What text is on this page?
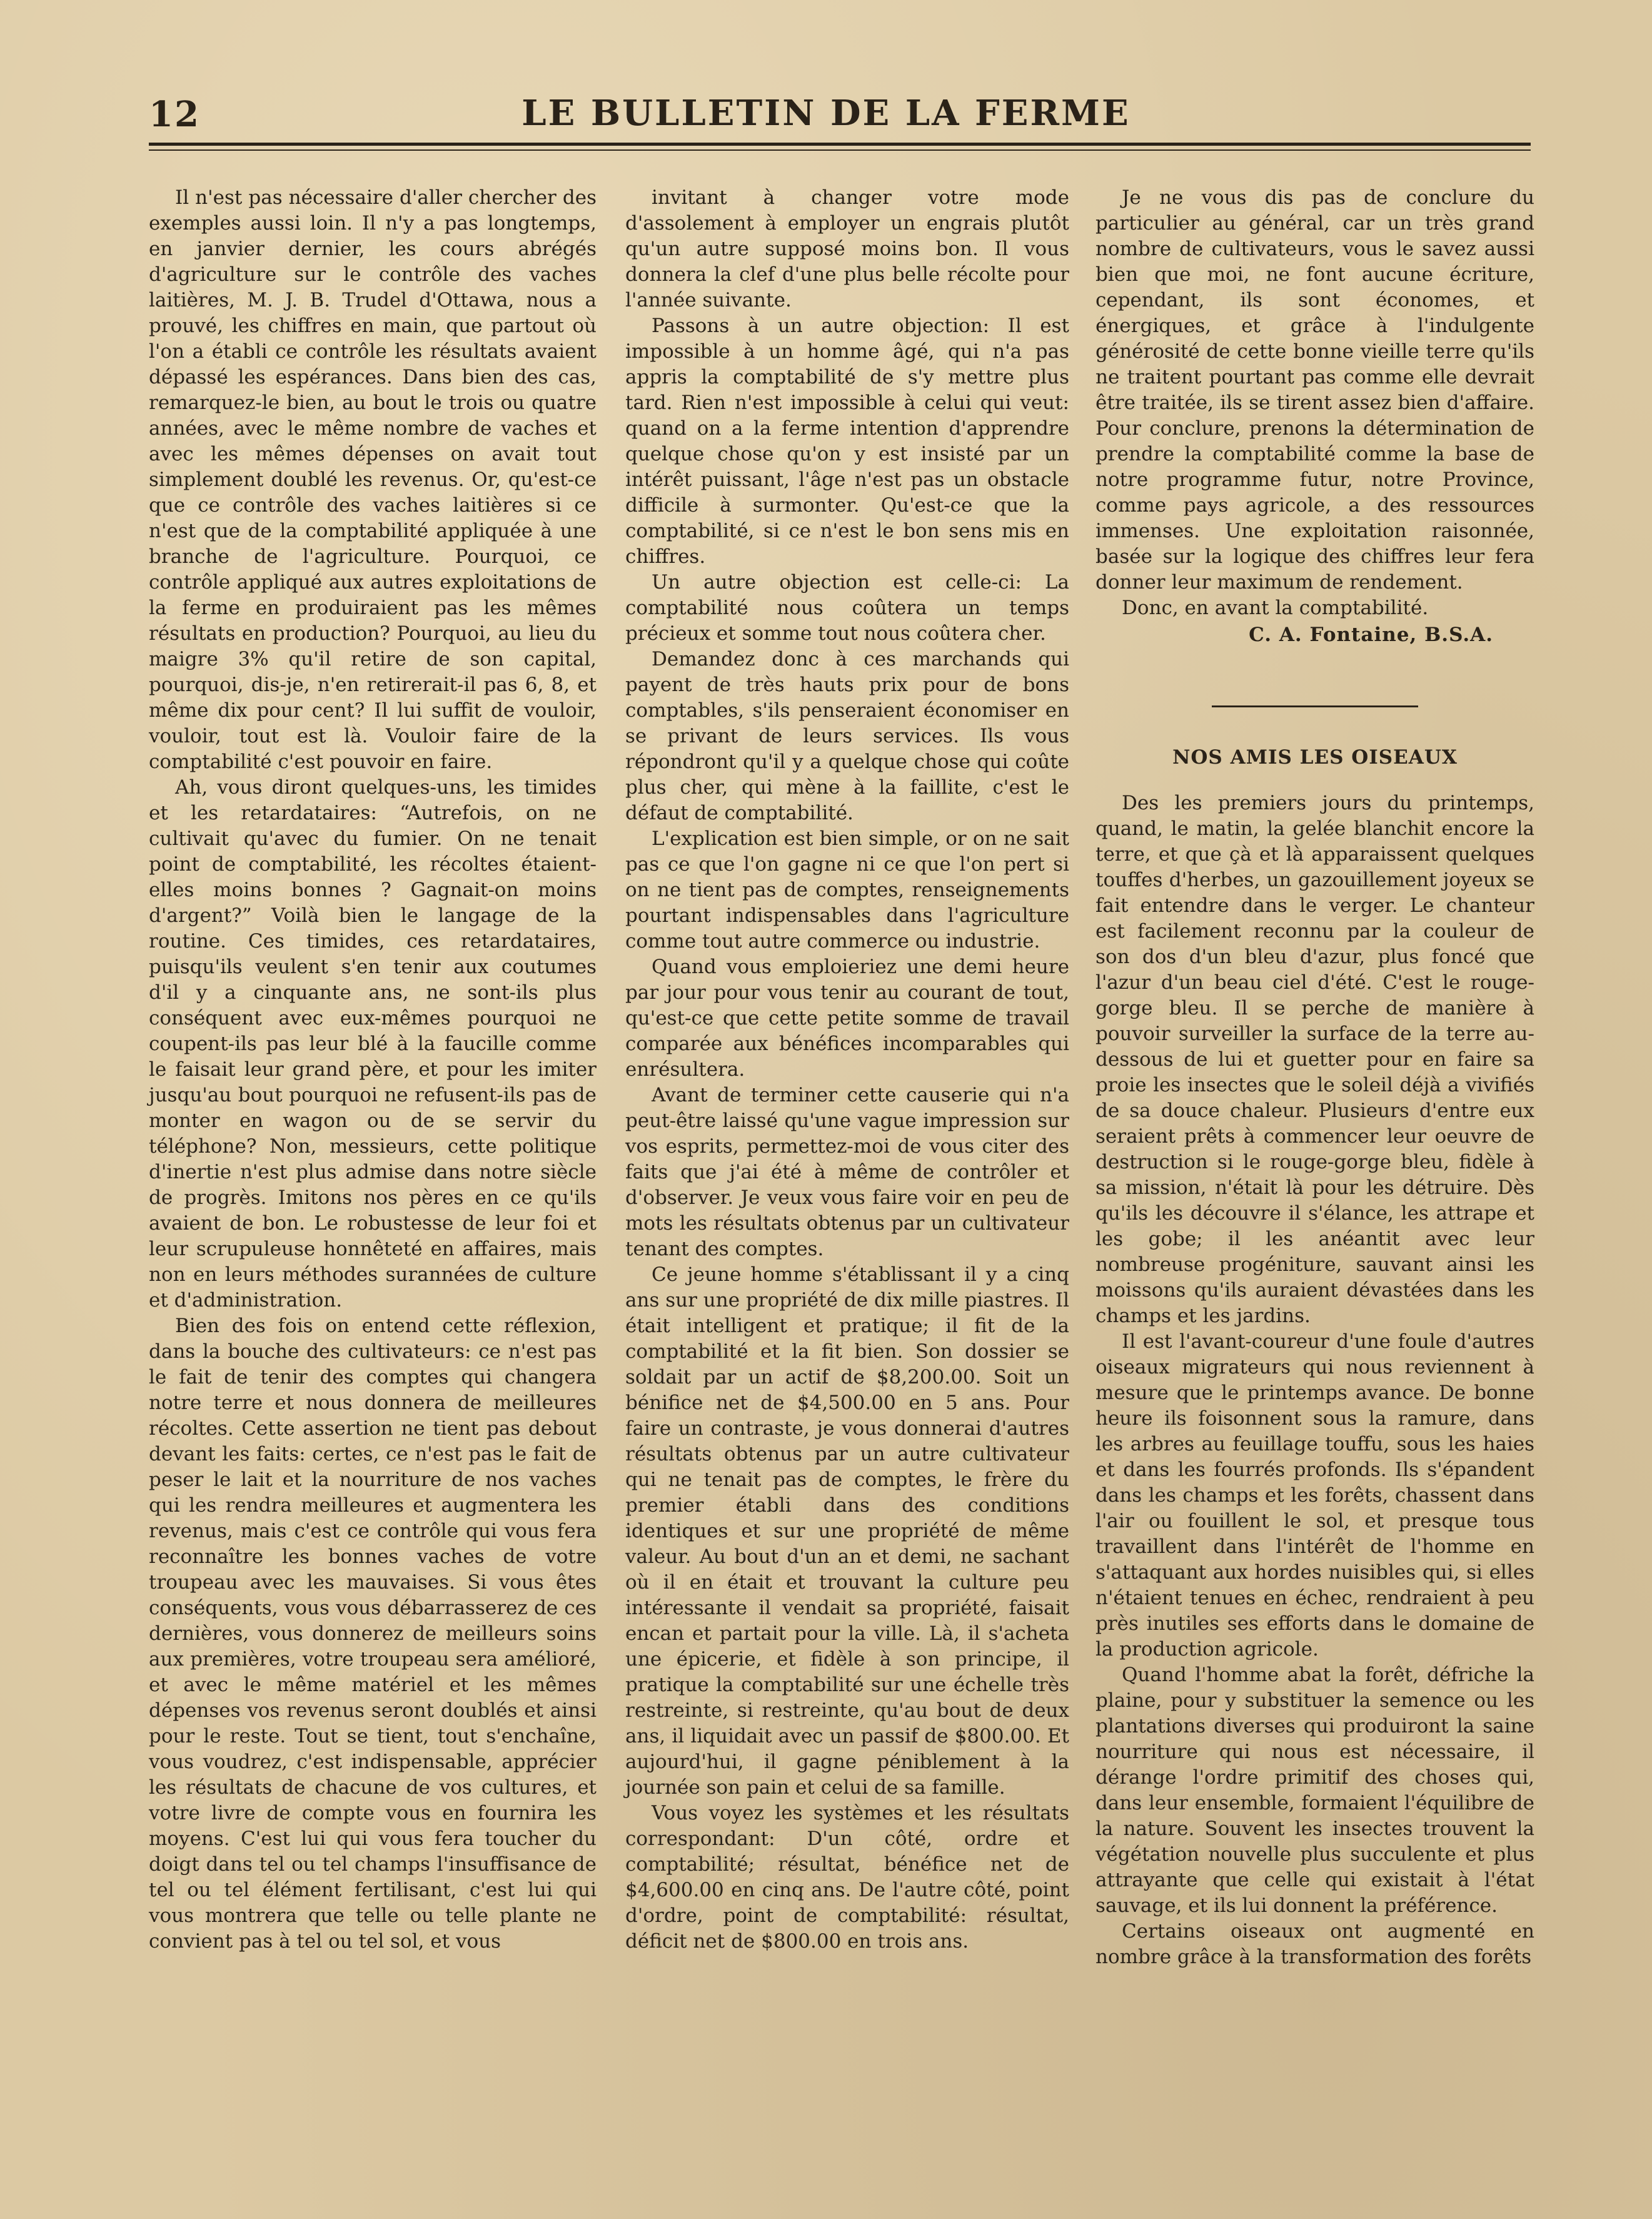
12	LE BULLETIN DE LA FERME

Il n'est pas nécessaire d'aller chercher des exemples aussi loin. Il n'y a pas longtemps, en janvier dernier, les cours abrégés d'agriculture sur le contrôle des vaches laitières, M. J. B. Trudel d'Ottawa, nous a prouvé, les chiffres en main, que partout où l'on a établi ce contrôle les résultats avaient dépassé les espérances. Dans bien des cas, remarquez-le bien, au bout le trois ou quatre années, avec le même nombre de vaches et avec les mêmes dépenses on avait tout simplement doublé les revenus. Or, qu'est-ce que ce contrôle des vaches laitières si ce n'est que de la comptabilité appliquée à une branche de l'agriculture. Pourquoi, ce contrôle appliqué aux autres exploitations de la ferme en produiraient pas les mêmes résultats en production? Pourquoi, au lieu du maigre 3% qu'il retire de son capital, pourquoi, dis-je, n'en retirerait-il pas 6, 8, et même dix pour cent? Il lui suffit de vouloir, vouloir, tout est là. Vouloir faire de la comptabilité c'est pouvoir en faire.

Ah, vous diront quelques-uns, les timides et les retardataires: “Autrefois, on ne cultivait qu'avec du fumier. On ne tenait point de comptabilité, les récoltes étaient-elles moins bonnes ? Gagnait-on moins d'argent?” Voilà bien le langage de la routine. Ces timides, ces retardataires, puisqu'ils veulent s'en tenir aux coutumes d'il y a cinquante ans, ne sont-ils plus conséquent avec eux-mêmes pourquoi ne coupent-ils pas leur blé à la faucille comme le faisait leur grand père, et pour les imiter jusqu'au bout pourquoi ne refusent-ils pas de monter en wagon ou de se servir du téléphone? Non, messieurs, cette politique d'inertie n'est plus admise dans notre siècle de progrès. Imitons nos pères en ce qu'ils avaient de bon. Le robustesse de leur foi et leur scrupuleuse honnêteté en affaires, mais non en leurs méthodes surannées de culture et d'administration.

Bien des fois on entend cette réflexion, dans la bouche des cultivateurs: ce n'est pas le fait de tenir des comptes qui changera notre terre et nous donnera de meilleures récoltes. Cette assertion ne tient pas debout devant les faits: certes, ce n'est pas le fait de peser le lait et la nourriture de nos vaches qui les rendra meilleures et augmentera les revenus, mais c'est ce contrôle qui vous fera reconnaître les bonnes vaches de votre troupeau avec les mauvaises. Si vous êtes conséquents, vous vous débarrasserez de ces dernières, vous donnerez de meilleurs soins aux premières, votre troupeau sera amélioré, et avec le même matériel et les mêmes dépenses vos revenus seront doublés et ainsi pour le reste. Tout se tient, tout s'enchaîne, vous voudrez, c'est indispensable, apprécier les résultats de chacune de vos cultures, et votre livre de compte vous en fournira les moyens. C'est lui qui vous fera toucher du doigt dans tel ou tel champs l'insuffisance de tel ou tel élément fertilisant, c'est lui qui vous montrera que telle ou telle plante ne convient pas à tel ou tel sol, et vous

invitant à changer votre mode d'assolement à employer un engrais plutôt qu'un autre supposé moins bon. Il vous donnera la clef d'une plus belle récolte pour l'année suivante.

Passons à un autre objection: Il est impossible à un homme âgé, qui n'a pas appris la comptabilité de s'y mettre plus tard. Rien n'est impossible à celui qui veut: quand on a la ferme intention d'apprendre quelque chose qu'on y est insisté par un intérêt puissant, l'âge n'est pas un obstacle difficile à surmonter. Qu'est-ce que la comptabilité, si ce n'est le bon sens mis en chiffres.

Un autre objection est celle-ci: La comptabilité nous coûtera un temps précieux et somme tout nous coûtera cher.

Demandez donc à ces marchands qui payent de très hauts prix pour de bons comptables, s'ils penseraient économiser en se privant de leurs services. Ils vous répondront qu'il y a quelque chose qui coûte plus cher, qui mène à la faillite, c'est le défaut de comptabilité.

L'explication est bien simple, or on ne sait pas ce que l'on gagne ni ce que l'on pert si on ne tient pas de comptes, renseignements pourtant indispensables dans l'agriculture comme tout autre commerce ou industrie.

Quand vous emploieriez une demi heure par jour pour vous tenir au courant de tout, qu'est-ce que cette petite somme de travail comparée aux bénéfices incomparables qui enrésultera.

Avant de terminer cette causerie qui n'a peut-être laissé qu'une vague impression sur vos esprits, permettez-moi de vous citer des faits que j'ai été à même de contrôler et d'observer. Je veux vous faire voir en peu de mots les résultats obtenus par un cultivateur tenant des comptes.

Ce jeune homme s'établissant il y a cinq ans sur une propriété de dix mille piastres. Il était intelligent et pratique; il fit de la comptabilité et la fit bien. Son dossier se soldait par un actif de $8,200.00. Soit un bénifice net de $4,500.00 en 5 ans. Pour faire un contraste, je vous donnerai d'autres résultats obtenus par un autre cultivateur qui ne tenait pas de comptes, le frère du premier établi dans des conditions identiques et sur une propriété de même valeur. Au bout d'un an et demi, ne sachant où il en était et trouvant la culture peu intéressante il vendait sa propriété, faisait encan et partait pour la ville. Là, il s'acheta une épicerie, et fidèle à son principe, il pratique la comptabilité sur une échelle très restreinte, si restreinte, qu'au bout de deux ans, il liquidait avec un passif de $800.00. Et aujourd'hui, il gagne péniblement à la journée son pain et celui de sa famille.

Vous voyez les systèmes et les résultats correspondant: D'un côté, ordre et comptabilité; résultat, bénéfice net de $4,600.00 en cinq ans. De l'autre côté, point d'ordre, point de comptabilité: résultat, déficit net de $800.00 en trois ans.

Je ne vous dis pas de conclure du particulier au général, car un très grand nombre de cultivateurs, vous le savez aussi bien que moi, ne font aucune écriture, cependant, ils sont économes, et énergiques, et grâce à l'indulgente générosité de cette bonne vieille terre qu'ils ne traitent pourtant pas comme elle devrait être traitée, ils se tirent assez bien d'affaire. Pour conclure, prenons la détermination de prendre la comptabilité comme la base de notre programme futur, notre Province, comme pays agricole, a des ressources immenses. Une exploitation raisonnée, basée sur la logique des chiffres leur fera donner leur maximum de rendement.

Donc, en avant la comptabilité.

C. A. Fontaine, B.S.A.
NOS AMIS LES OISEAUX

Des les premiers jours du printemps, quand, le matin, la gelée blanchit encore la terre, et que çà et là apparaissent quelques touffes d'herbes, un gazouillement joyeux se fait entendre dans le verger. Le chanteur est facilement reconnu par la couleur de son dos d'un bleu d'azur, plus foncé que l'azur d'un beau ciel d'été. C'est le rouge-gorge bleu. Il se perche de manière à pouvoir surveiller la surface de la terre au-dessous de lui et guetter pour en faire sa proie les insectes que le soleil déjà a vivifiés de sa douce chaleur. Plusieurs d'entre eux seraient prêts à commencer leur oeuvre de destruction si le rouge-gorge bleu, fidèle à sa mission, n'était là pour les détruire. Dès qu'ils les découvre il s'élance, les attrape et les gobe; il les anéantit avec leur nombreuse progéniture, sauvant ainsi les moissons qu'ils auraient dévastées dans les champs et les jardins.

Il est l'avant-coureur d'une foule d'autres oiseaux migrateurs qui nous reviennent à mesure que le printemps avance. De bonne heure ils foisonnent sous la ramure, dans les arbres au feuillage touffu, sous les haies et dans les fourrés profonds. Ils s'épandent dans les champs et les forêts, chassent dans l'air ou fouillent le sol, et presque tous travaillent dans l'intérêt de l'homme en s'attaquant aux hordes nuisibles qui, si elles n'étaient tenues en échec, rendraient à peu près inutiles ses efforts dans le domaine de la production agricole.

Quand l'homme abat la forêt, défriche la plaine, pour y substituer la semence ou les plantations diverses qui produiront la saine nourriture qui nous est nécessaire, il dérange l'ordre primitif des choses qui, dans leur ensemble, formaient l'équilibre de la nature. Souvent les insectes trouvent la végétation nouvelle plus succulente et plus attrayante que celle qui existait à l'état sauvage, et ils lui donnent la préférence.

Certains oiseaux ont augmenté en nombre grâce à la transformation des forêts
